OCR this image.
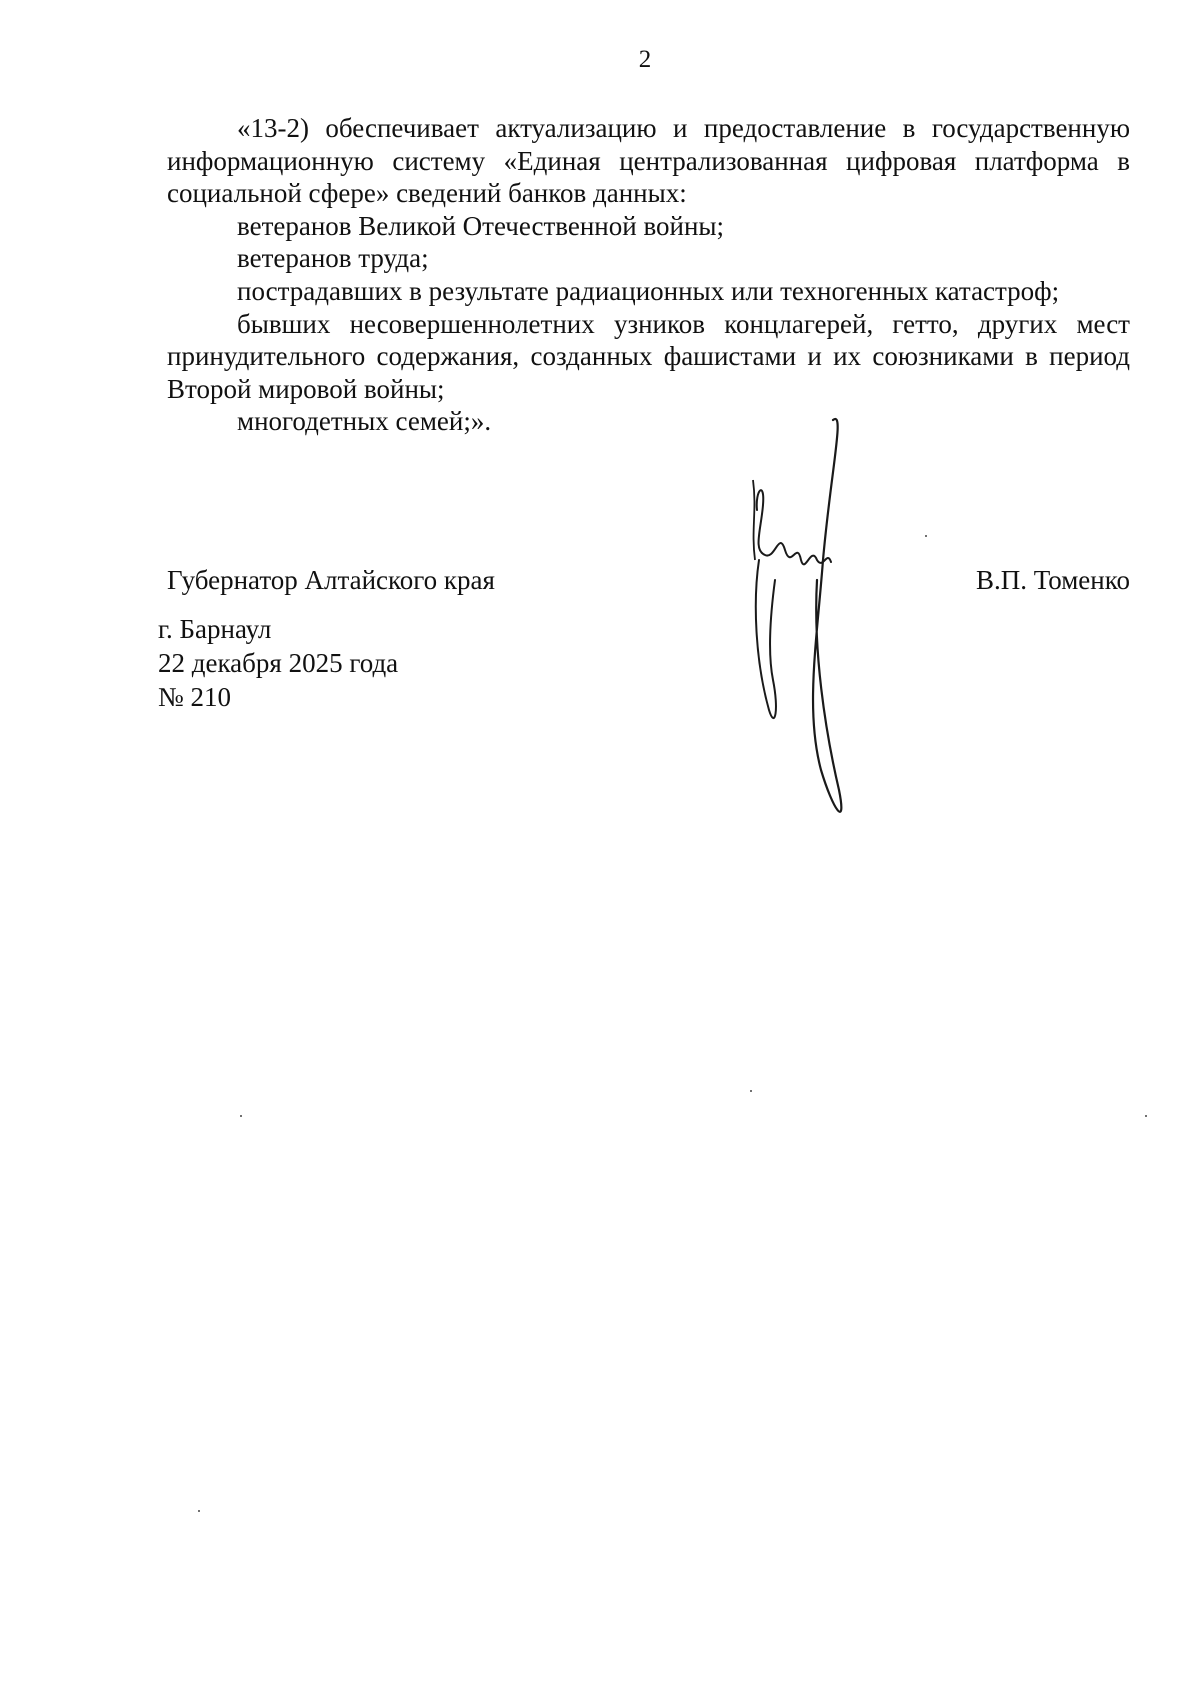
2

«13-2) обеспечивает актуализацию и предоставление в государственную информационную систему «Единая централизованная цифровая платформа в социальной сфере» сведений банков данных:

ветеранов Великой Отечественной войны;

ветеранов труда;

пострадавших в результате радиационных или техногенных катастроф;

бывших несовершеннолетних узников концлагерей, гетто, других мест принудительного содержания, созданных фашистами и их союзниками в период Второй мировой войны;

многодетных семей;».

Губернатор Алтайского края	В.П. Томенко
г. Барнаул
22 декабря 2025 года
№ 210
